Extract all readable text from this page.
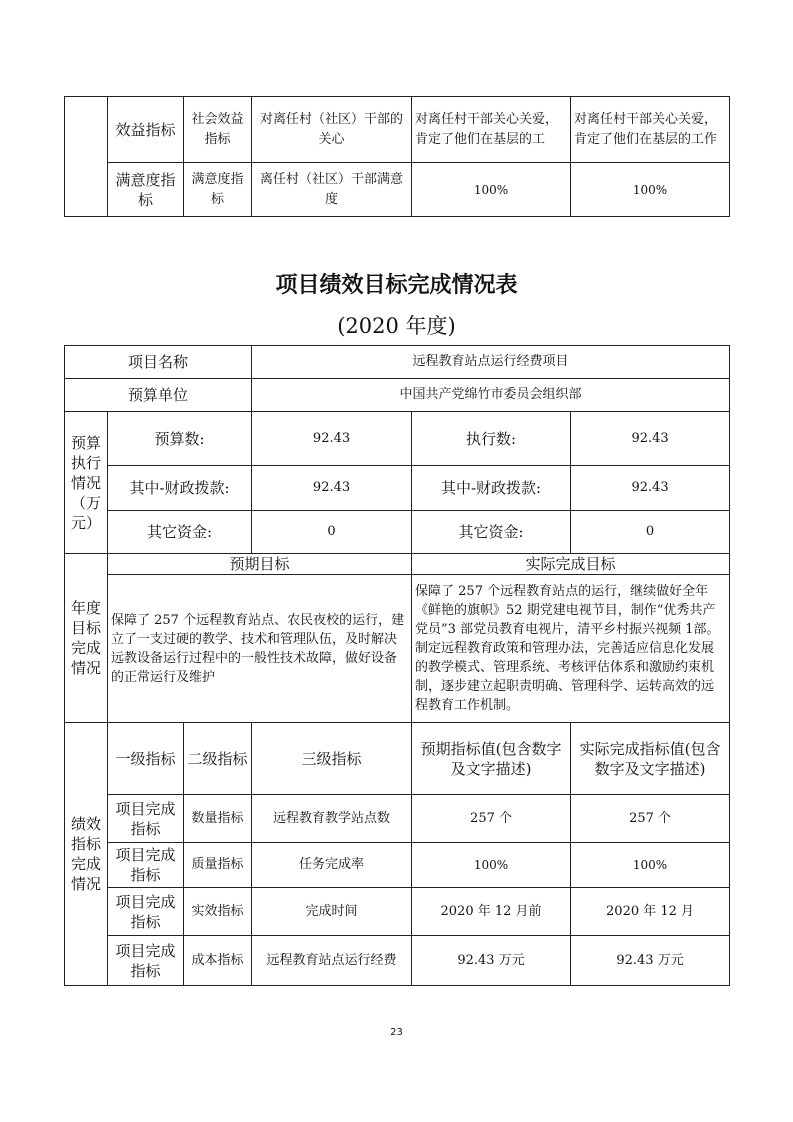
	效益指标	社会效益指标	对离任村（社区）干部的关心	对离任村干部关心关爱，肯定了他们在基层的工	对离任村干部关心关爱，肯定了他们在基层的工作
	满意度指标	满意度指标	离任村（社区）干部满意度	100%	100%
项目绩效目标完成情况表
(2020 年度)
项目名称			远程教育站点运行经费项目		
预算单位			中国共产党绵竹市委员会组织部		
预算执行情况（万元）	预算数:		92.43	执行数:	92.43
	其中-财政拨款:		92.43	其中-财政拨款:	92.43
	其它资金:		0	其它资金:	0
年度目标完成情况	预期目标			实际完成目标	
	保障了 257 个远程教育站点、农民夜校的运行，建立了一支过硬的教学、技术和管理队伍，及时解决远教设备运行过程中的一般性技术故障，做好设备的正常运行及维护			保障了 257 个远程教育站点的运行，继续做好全年《鲜艳的旗帜》52 期党建电视节目，制作“优秀共产党员”3 部党员教育电视片，清平乡村振兴视频 1部。制定远程教育政策和管理办法，完善适应信息化发展的教学模式、管理系统、考核评估体系和激励约束机制，逐步建立起职责明确、管理科学、运转高效的远程教育工作机制。	
绩效指标完成情况	一级指标	二级指标	三级指标	预期指标值(包含数字及文字描述)	实际完成指标值(包含数字及文字描述)
	项目完成指标	数量指标	远程教育教学站点数	257 个	257 个
	项目完成指标	质量指标	任务完成率	100%	100%
	项目完成指标	实效指标	完成时间	2020 年 12 月前	2020 年 12 月
	项目完成指标	成本指标	远程教育站点运行经费	92.43 万元	92.43 万元
23
